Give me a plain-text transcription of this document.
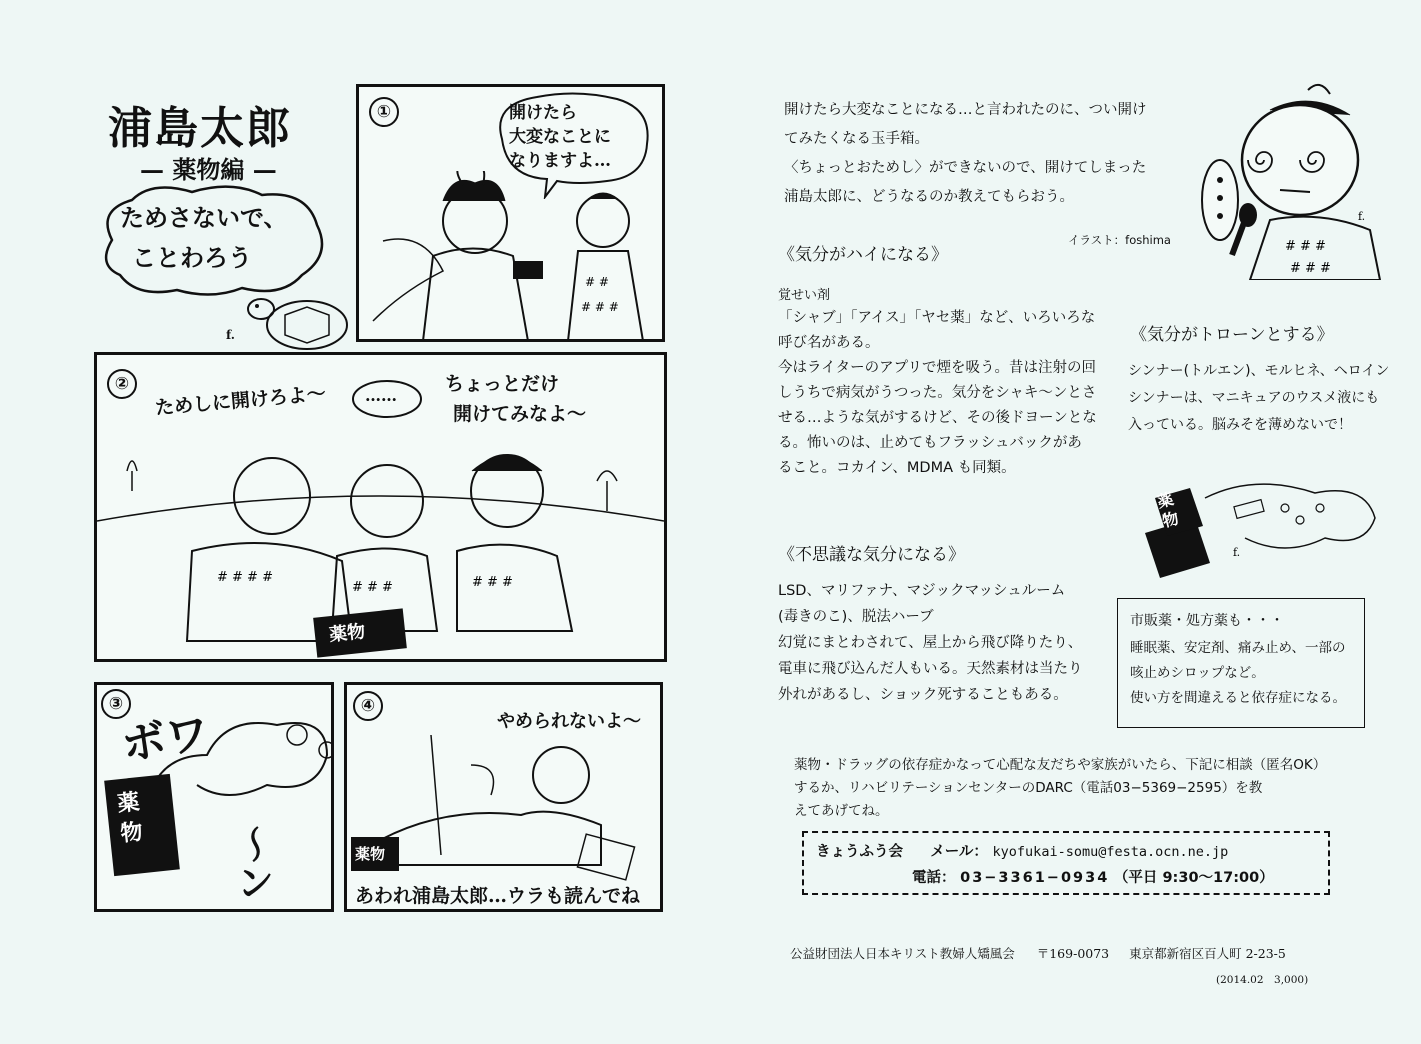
浦島太郎
— 薬物編 —
ためさないで、
ことわろう
f.
①	開けたら
大変なことに
なりますよ…
# #
# # #
②	ためしに開けろよ〜 ……
ちょっとだけ
開けてみなよ〜
# # # #
# # #	# # #
薬物
③
ボワ
薬物	〜ン
④
やめられないよ〜
薬物
あわれ浦島太郎…ウラも読んでね
開けたら大変なことになる…と言われたのに、つい開け
てみたくなる玉手箱。
〈ちょっとおためし〉ができないので、開けてしまった
浦島太郎に、どうなるのか教えてもらおう。
# # #
# # #
f.
イラスト：foshima
《気分がハイになる》
覚せい剤
「シャブ」「アイス」「ヤセ薬」など、いろいろな
呼び名がある。
今はライターのアプリで煙を吸う。昔は注射の回
しうちで病気がうつった。気分をシャキ〜ンとさ
せる…ような気がするけど、その後ドヨーンとな
る。怖いのは、止めてもフラッシュバックがあ
ること。コカイン、MDMA も同類。
《気分がトローンとする》
シンナー(トルエン)、モルヒネ、ヘロイン
シンナーは、マニキュアのウスメ液にも
入っている。脳みそを薄めないで！
f.
薬物
《不思議な気分になる》
LSD、マリファナ、マジックマッシュルーム
(毒きのこ)、脱法ハーブ
幻覚にまとわされて、屋上から飛び降りたり、
電車に飛び込んだ人もいる。天然素材は当たり
外れがあるし、ショック死することもある。
市販薬・処方薬も・・・
睡眠薬、安定剤、痛み止め、一部の
咳止めシロップなど。
使い方を間違えると依存症になる。
薬物・ドラッグの依存症かなって心配な友だちや家族がいたら、下記に相談（匿名OK）
するか、リハビリテーションセンターのDARC（電話03−5369−2595）を教
えてあげてね。
きょうふう会 メール： kyofukai-somu@festa.ocn.ne.jp
電話： 03−3361−0934 （平日 9:30〜17:00）
公益財団法人日本キリスト教婦人矯風会 〒169-0073 東京都新宿区百人町 2-23-5
(2014.02　3,000)
